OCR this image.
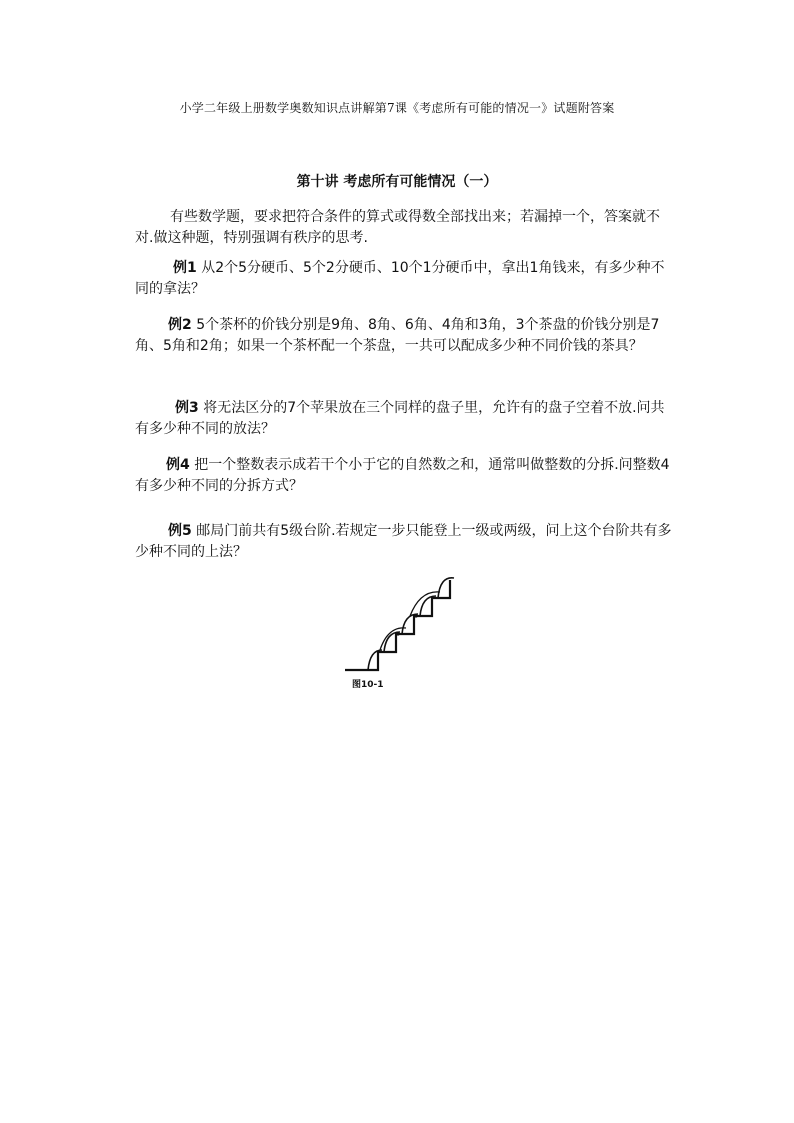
小学二年级上册数学奥数知识点讲解第7课《考虑所有可能的情况一》试题附答案
第十讲 考虑所有可能情况（一）
有些数学题，要求把符合条件的算式或得数全部找出来；若漏掉一个，答案就不对.做这种题，特别强调有秩序的思考.
例1 从2个5分硬币、5个2分硬币、10个1分硬币中，拿出1角钱来，有多少种不同的拿法？
例2 5个茶杯的价钱分别是9角、8角、6角、4角和3角，3个茶盘的价钱分别是7角、5角和2角；如果一个茶杯配一个茶盘，一共可以配成多少种不同价钱的茶具？
例3 将无法区分的7个苹果放在三个同样的盘子里，允许有的盘子空着不放.问共有多少种不同的放法？
例4 把一个整数表示成若干个小于它的自然数之和，通常叫做整数的分拆.问整数4有多少种不同的分拆方式？
例5 邮局门前共有5级台阶.若规定一步只能登上一级或两级，问上这个台阶共有多少种不同的上法？
图10-1
